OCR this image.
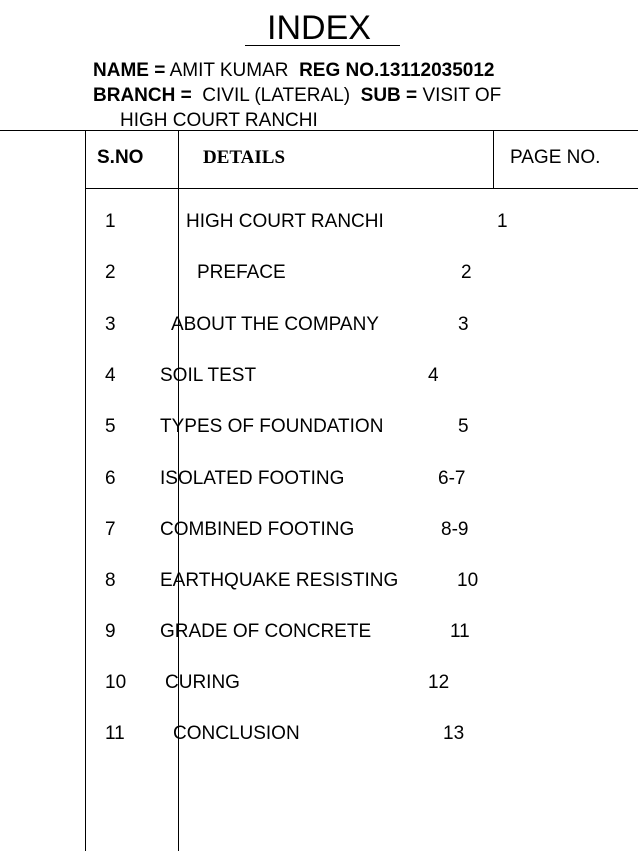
INDEX
NAME = AMIT KUMAR REG NO.13112035012
BRANCH = CIVIL (LATERAL) SUB = VISIT OF
HIGH COURT RANCHI
S.NO	DETAILS	PAGE NO.
1	HIGH COURT RANCHI	1
2	PREFACE	2
3	ABOUT THE COMPANY	3
4 SOIL TEST	4
5 TYPES OF FOUNDATION	5
6 ISOLATED FOOTING	6-7
7 COMBINED FOOTING	8-9
8 EARTHQUAKE RESISTING	10
9 GRADE OF CONCRETE	11
10 CURING	12
11	CONCLUSION	13
